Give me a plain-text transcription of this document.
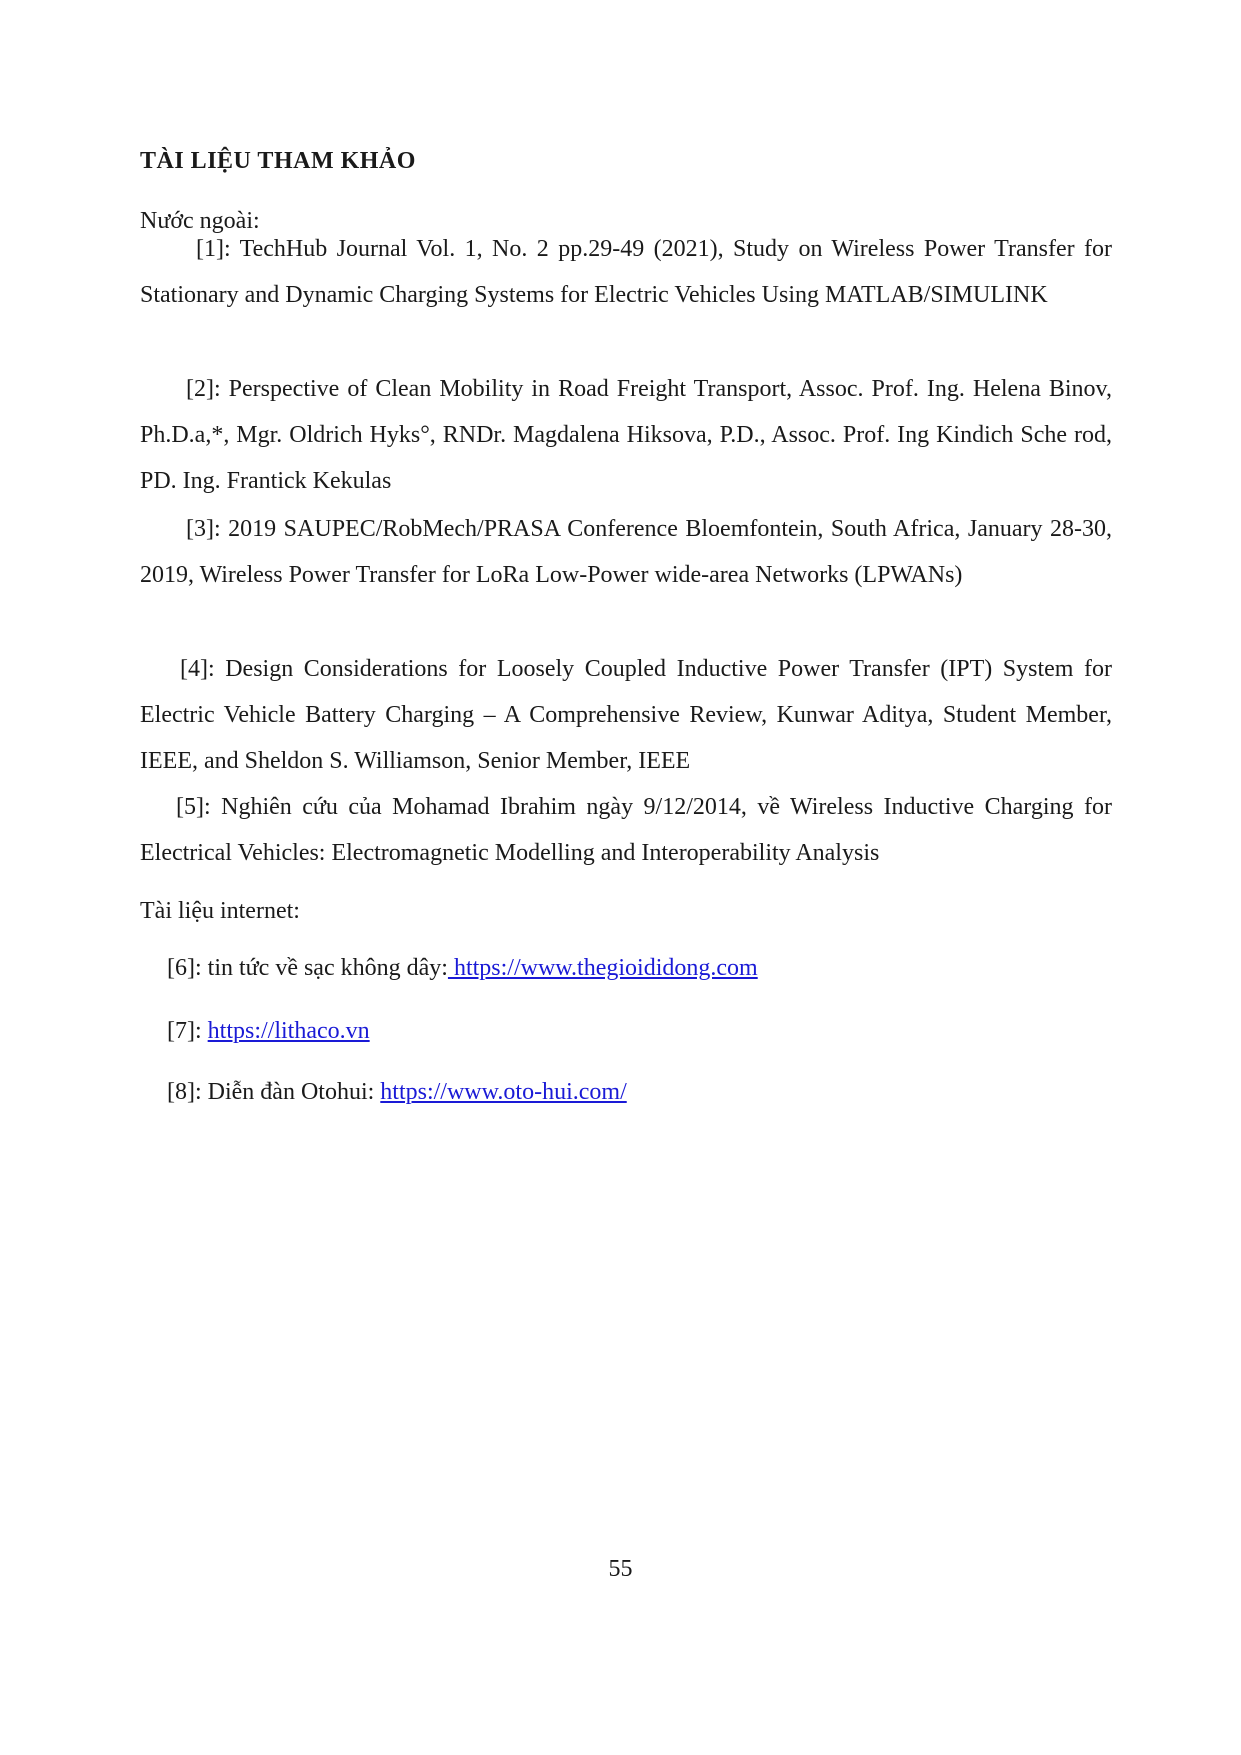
TÀI LIỆU THAM KHẢO
Nước ngoài:
[1]: TechHub Journal Vol. 1, No. 2 pp.29-49 (2021), Study on Wireless Power Transfer for Stationary and Dynamic Charging Systems for Electric Vehicles Using MATLAB/SIMULINK
[2]: Perspective of Clean Mobility in Road Freight Transport, Assoc. Prof. Ing. Helena Binov, Ph.D.a,*, Mgr. Oldrich Hyks°, RNDr. Magdalena Hiksova, P.D., Assoc. Prof. Ing Kindich Sche rod, PD. Ing. Frantick Kekulas
[3]: 2019 SAUPEC/RobMech/PRASA Conference Bloemfontein, South Africa, January 28-30, 2019, Wireless Power Transfer for LoRa Low-Power wide-area Networks (LPWANs)
[4]: Design Considerations for Loosely Coupled Inductive Power Transfer (IPT) System for Electric Vehicle Battery Charging – A Comprehensive Review, Kunwar Aditya, Student Member, IEEE, and Sheldon S. Williamson, Senior Member, IEEE
[5]: Nghiên cứu của Mohamad Ibrahim ngày 9/12/2014, về Wireless Inductive Charging for Electrical Vehicles: Electromagnetic Modelling and Interoperability Analysis
Tài liệu internet:
[6]: tin tức về sạc không dây: https://www.thegioididong.com
[7]: https://lithaco.vn
[8]: Diễn đàn Otohui: https://www.oto-hui.com/
55
